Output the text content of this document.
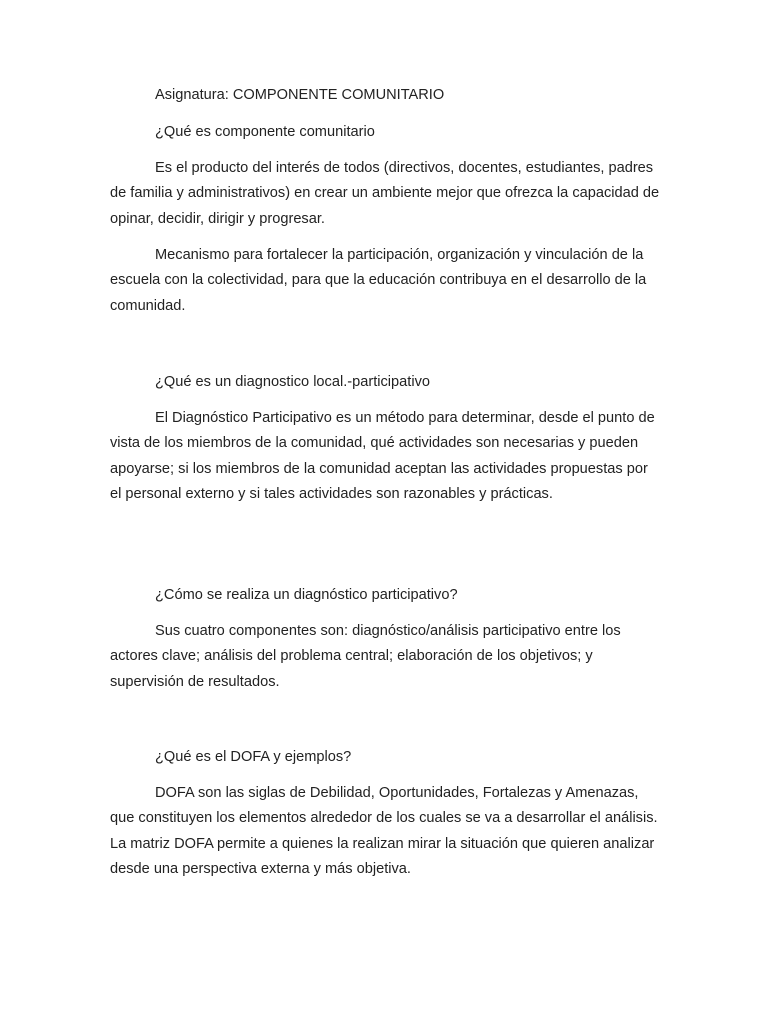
Asignatura: COMPONENTE COMUNITARIO

¿Qué es componente comunitario

Es el producto del interés de todos (directivos, docentes, estudiantes, padres de familia y administrativos) en crear un ambiente mejor que ofrezca la capacidad de opinar, decidir, dirigir y progresar.

Mecanismo para fortalecer la participación, organización y vinculación de la escuela con la colectividad, para que la educación contribuya en el desarrollo de la comunidad.

¿Qué es un diagnostico local.-participativo

El Diagnóstico Participativo es un método para determinar, desde el punto de vista de los miembros de la comunidad, qué actividades son necesarias y pueden apoyarse; si los miembros de la comunidad aceptan las actividades propuestas por el personal externo y si tales actividades son razonables y prácticas.

¿Cómo se realiza un diagnóstico participativo?

Sus cuatro componentes son: diagnóstico/análisis participativo entre los actores clave; análisis del problema central; elaboración de los objetivos; y supervisión de resultados.

¿Qué es el DOFA y ejemplos?

DOFA son las siglas de Debilidad, Oportunidades, Fortalezas y Amenazas, que constituyen los elementos alrededor de los cuales se va a desarrollar el análisis. La matriz DOFA permite a quienes la realizan mirar la situación que quieren analizar desde una perspectiva externa y más objetiva.
